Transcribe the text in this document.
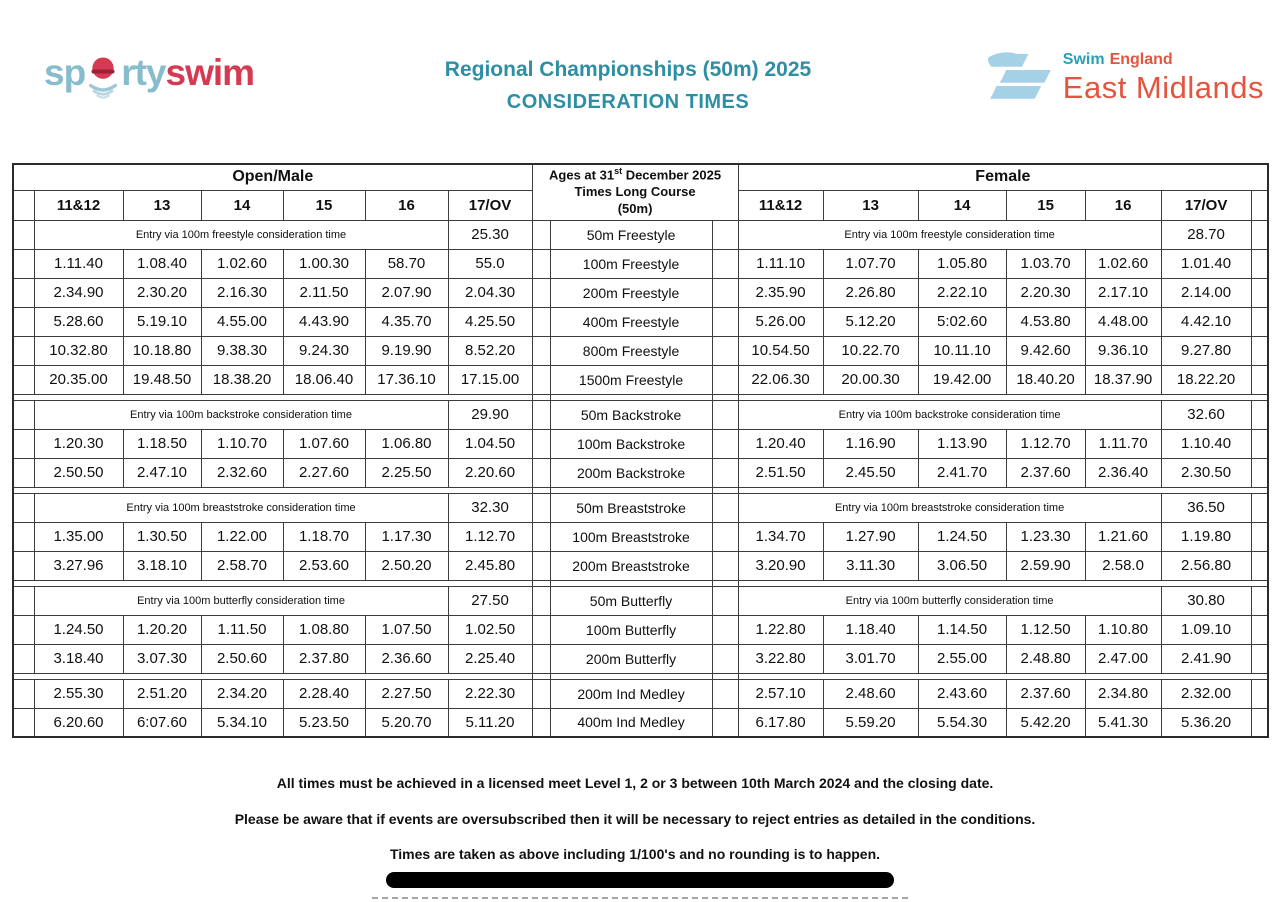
sp rtyswim	Regional Championships (50m) 2025
CONSIDERATION TIMES
Swim England
East Midlands
Open/Male							Ages at 31st December 2025
Times Long Course
(50m)			Female						
	11&12	13	14	15	16	17/OV				11&12	13	14	15	16	17/OV	
	Entry via 100m freestyle consideration time					25.30		50m Freestyle		Entry via 100m freestyle consideration time					28.70	
	1.11.40	1.08.40	1.02.60	1.00.30	58.70	55.0		100m Freestyle		1.11.10	1.07.70	1.05.80	1.03.70	1.02.60	1.01.40	
	2.34.90	2.30.20	2.16.30	2.11.50	2.07.90	2.04.30		200m Freestyle		2.35.90	2.26.80	2.22.10	2.20.30	2.17.10	2.14.00	
	5.28.60	5.19.10	4.55.00	4.43.90	4.35.70	4.25.50		400m Freestyle		5.26.00	5.12.20	5:02.60	4.53.80	4.48.00	4.42.10	
	10.32.80	10.18.80	9.38.30	9.24.30	9.19.90	8.52.20		800m Freestyle		10.54.50	10.22.70	10.11.10	9.42.60	9.36.10	9.27.80	
	20.35.00	19.48.50	18.38.20	18.06.40	17.36.10	17.15.00		1500m Freestyle		22.06.30	20.00.30	19.42.00	18.40.20	18.37.90	18.22.20	

	Entry via 100m backstroke consideration time					29.90		50m Backstroke		Entry via 100m backstroke consideration time					32.60	
	1.20.30	1.18.50	1.10.70	1.07.60	1.06.80	1.04.50		100m Backstroke		1.20.40	1.16.90	1.13.90	1.12.70	1.11.70	1.10.40	
	2.50.50	2.47.10	2.32.60	2.27.60	2.25.50	2.20.60		200m Backstroke		2.51.50	2.45.50	2.41.70	2.37.60	2.36.40	2.30.50	

	Entry via 100m breaststroke consideration time					32.30		50m Breaststroke		Entry via 100m breaststroke consideration time					36.50	
	1.35.00	1.30.50	1.22.00	1.18.70	1.17.30	1.12.70		100m Breaststroke		1.34.70	1.27.90	1.24.50	1.23.30	1.21.60	1.19.80	
	3.27.96	3.18.10	2.58.70	2.53.60	2.50.20	2.45.80		200m Breaststroke		3.20.90	3.11.30	3.06.50	2.59.90	2.58.0	2.56.80	

	Entry via 100m butterfly consideration time					27.50		50m Butterfly		Entry via 100m butterfly consideration time					30.80	
	1.24.50	1.20.20	1.11.50	1.08.80	1.07.50	1.02.50		100m Butterfly		1.22.80	1.18.40	1.14.50	1.12.50	1.10.80	1.09.10	
	3.18.40	3.07.30	2.50.60	2.37.80	2.36.60	2.25.40		200m Butterfly		3.22.80	3.01.70	2.55.00	2.48.80	2.47.00	2.41.90	

	2.55.30	2.51.20	2.34.20	2.28.40	2.27.50	2.22.30		200m Ind Medley		2.57.10	2.48.60	2.43.60	2.37.60	2.34.80	2.32.00	
	6.20.60	6:07.60	5.34.10	5.23.50	5.20.70	5.11.20		400m Ind Medley		6.17.80	5.59.20	5.54.30	5.42.20	5.41.30	5.36.20	
All times must be achieved in a licensed meet Level 1, 2 or 3 between 10th March 2024 and the closing date.
Please be aware that if events are oversubscribed then it will be necessary to reject entries as detailed in the conditions.
Times are taken as above including 1/100's and no rounding is to happen.
